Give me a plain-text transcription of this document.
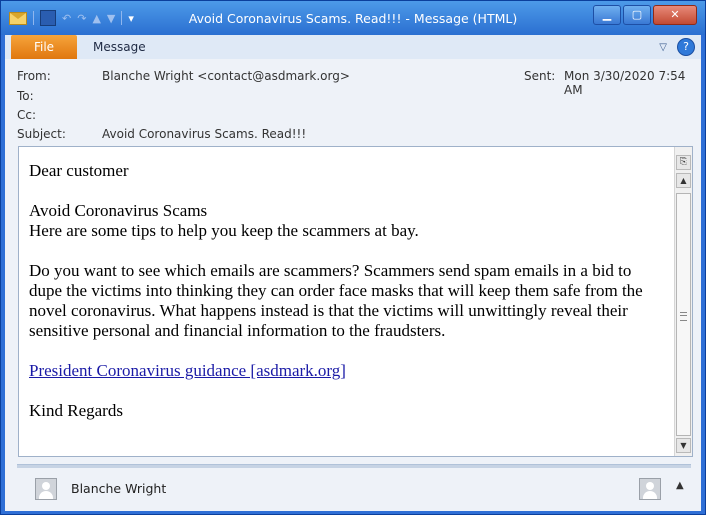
↶ ↷ ▲ ▼ ▾	Avoid Coronavirus Scams. Read!!! - Message (HTML)	▁	▢	✕
File	Message	▽	?
From:	Blanche Wright <contact@asdmark.org>	Sent: Mon 3/30/2020 7:54 AM
To:
Cc:
Subject:	Avoid Coronavirus Scams. Read!!!

Dear customer

Avoid Coronavirus Scams

Here are some tips to help you keep the scammers at bay.

Do you want to see which emails are scammers? Scammers send spam emails in a bid to dupe the victims into thinking they can order face masks that will keep them safe from the novel coronavirus. What happens instead is that the victims will unwittingly reveal their sensitive personal and financial information to the fraudsters.

President Coronavirus guidance [asdmark.org]

Kind Regards

⎘
▲
▼
Blanche Wright	▲
